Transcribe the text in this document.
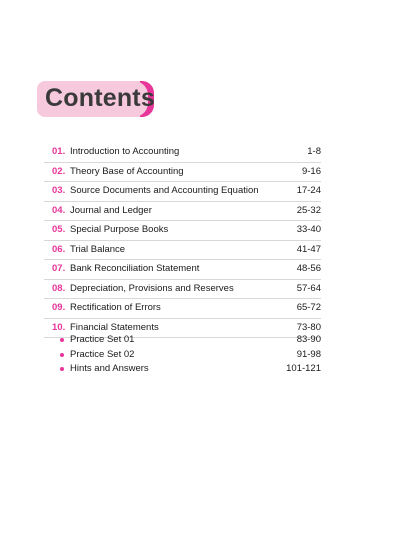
Contents
01. Introduction to Accounting	1-8
02. Theory Base of Accounting	9-16
03. Source Documents and Accounting Equation	17-24
04. Journal and Ledger	25-32
05. Special Purpose Books	33-40
06. Trial Balance	41-47
07. Bank Reconciliation Statement	48-56
08. Depreciation, Provisions and Reserves	57-64
09. Rectification of Errors	65-72
10. Financial Statements	73-80
Practice Set 01	83-90
Practice Set 02	91-98
Hints and Answers	101-121
